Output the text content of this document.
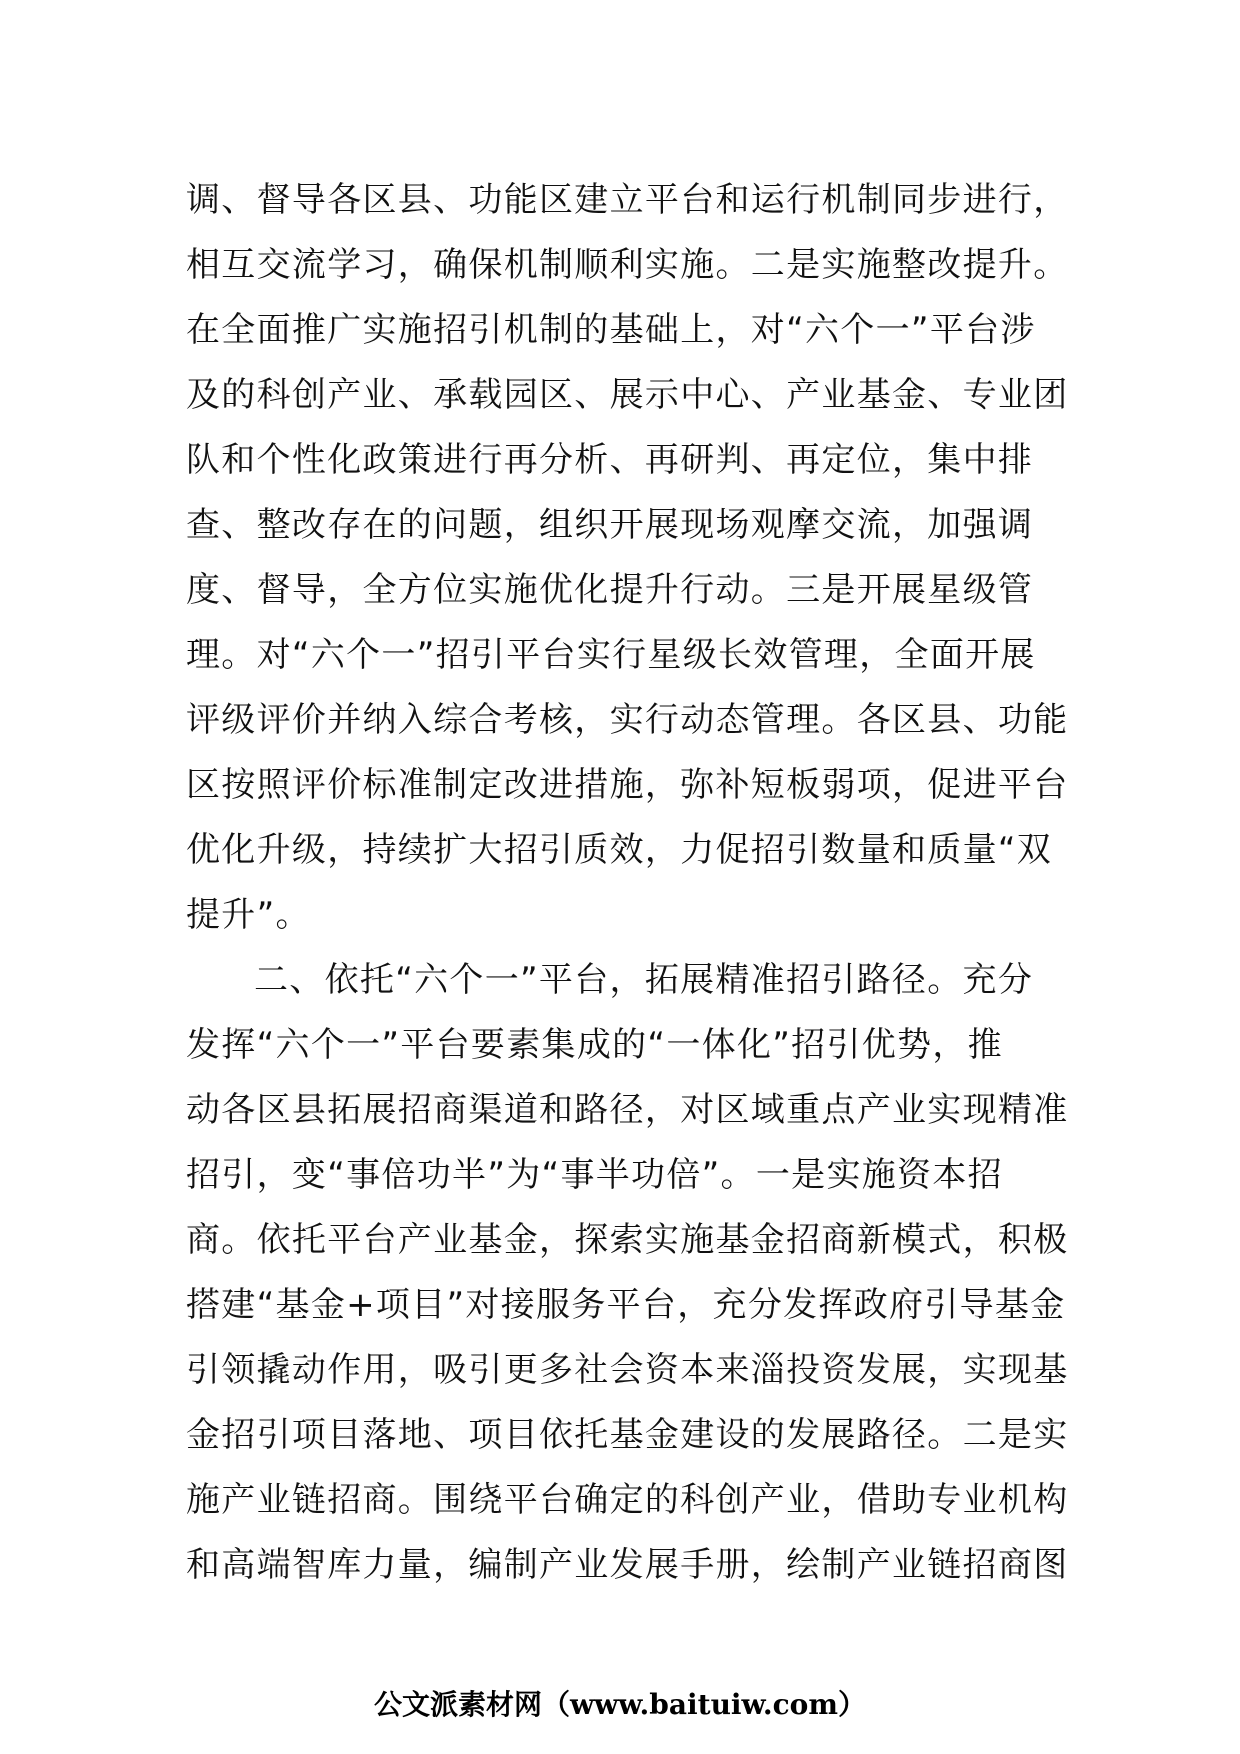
调、督导各区县、功能区建立平台和运行机制同步进行，
相互交流学习，确保机制顺利实施。二是实施整改提升。
在全面推广实施招引机制的基础上，对“六个一”平台涉
及的科创产业、承载园区、展示中心、产业基金、专业团
队和个性化政策进行再分析、再研判、再定位，集中排
查、整改存在的问题，组织开展现场观摩交流，加强调
度、督导，全方位实施优化提升行动。三是开展星级管
理。对“六个一”招引平台实行星级长效管理，全面开展
评级评价并纳入综合考核，实行动态管理。各区县、功能
区按照评价标准制定改进措施，弥补短板弱项，促进平台
优化升级，持续扩大招引质效，力促招引数量和质量“双
提升”。
二、依托“六个一”平台，拓展精准招引路径。充分
发挥“六个一”平台要素集成的“一体化”招引优势，推
动各区县拓展招商渠道和路径，对区域重点产业实现精准
招引，变“事倍功半”为“事半功倍”。一是实施资本招
商。依托平台产业基金，探索实施基金招商新模式，积极
搭建“基金+项目”对接服务平台，充分发挥政府引导基金
引领撬动作用，吸引更多社会资本来淄投资发展，实现基
金招引项目落地、项目依托基金建设的发展路径。二是实
施产业链招商。围绕平台确定的科创产业，借助专业机构
和高端智库力量，编制产业发展手册，绘制产业链招商图
公文派素材网（www.baituiw.com）
